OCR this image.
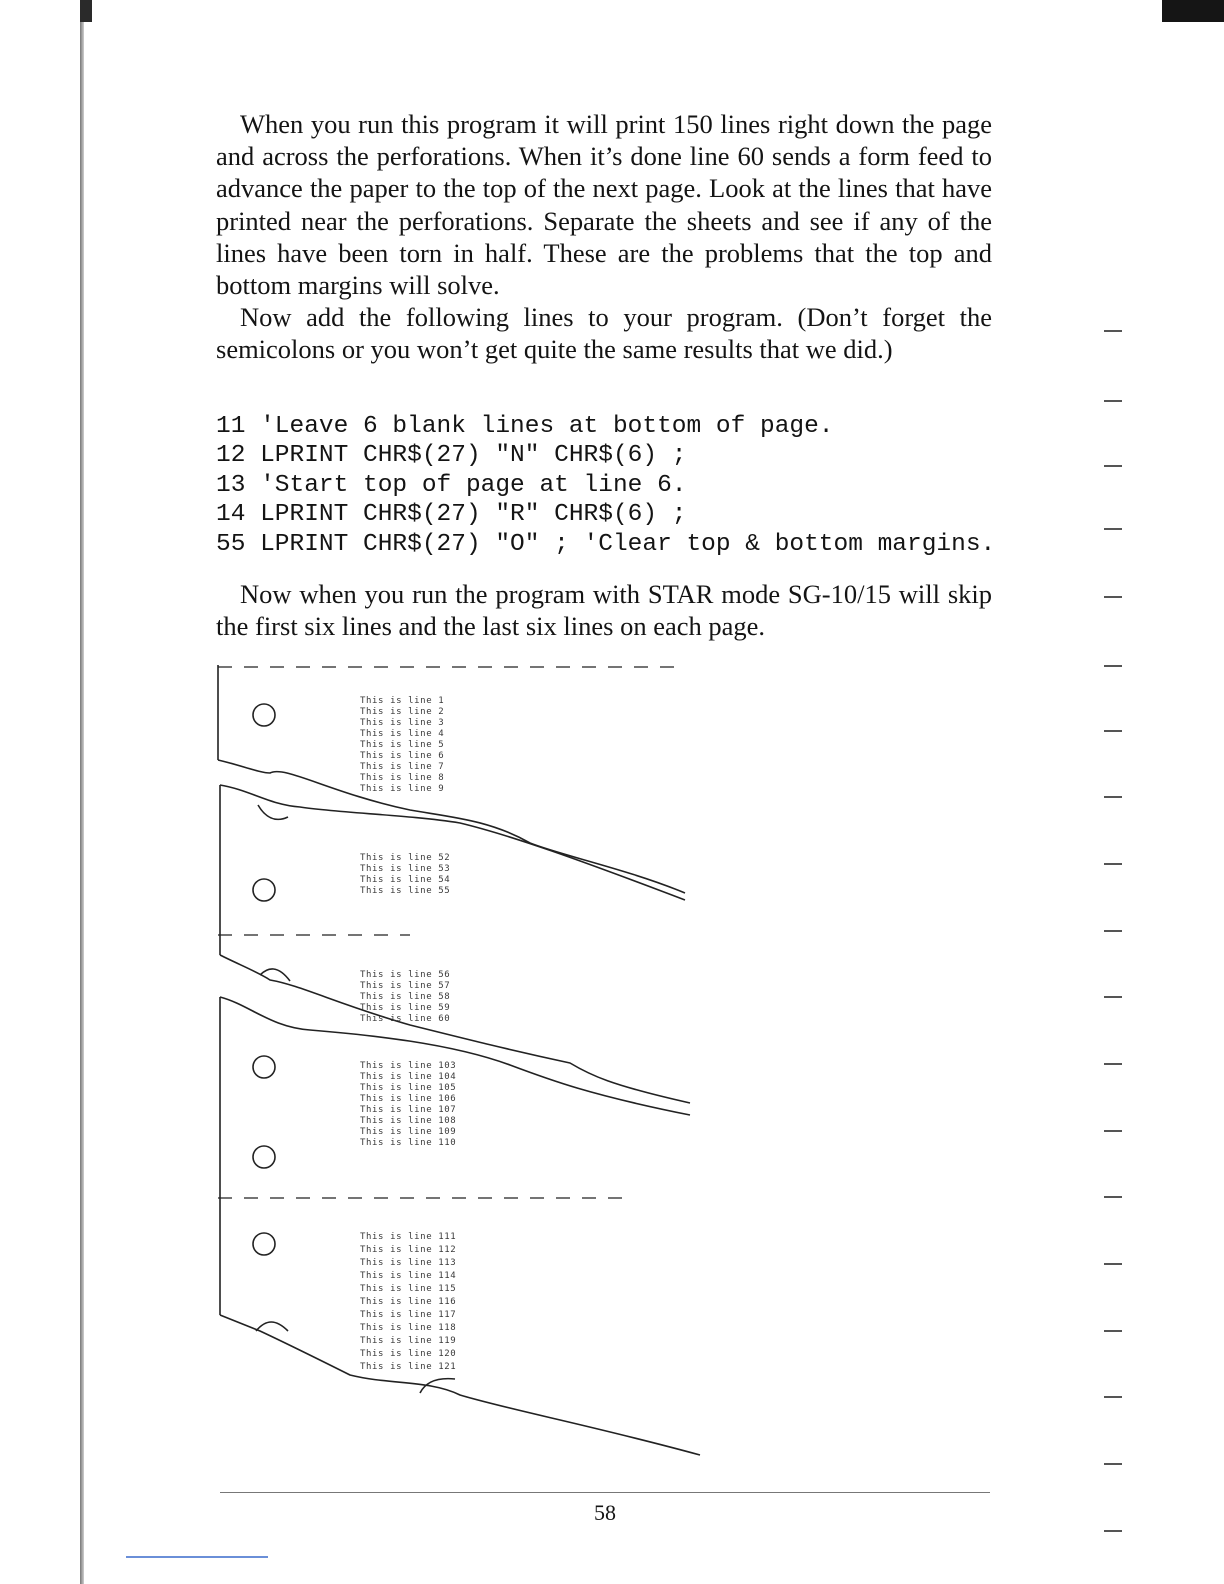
When you run this program it will print 150 lines right down the page and across the perforations. When it’s done line 60 sends a form feed to advance the paper to the top of the next page. Look at the lines that have printed near the perforations. Separate the sheets and see if any of the lines have been torn in half. These are the problems that the top and bottom margins will solve.

Now add the following lines to your program. (Don’t forget the semicolons or you won’t get quite the same results that we did.)

11 'Leave 6 blank lines at bottom of page.
12 LPRINT CHR$(27) "N" CHR$(6) ;
13 'Start top of page at line 6.
14 LPRINT CHR$(27) "R" CHR$(6) ;
55 LPRINT CHR$(27) "O" ; 'Clear top & bottom margins.

Now when you run the program with STAR mode SG-10/15 will skip the first six lines and the last six lines on each page.

This is line 1
This is line 2
This is line 3
This is line 4
This is line 5
This is line 6
This is line 7
This is line 8
This is line 9
This is line 52
This is line 53
This is line 54
This is line 55
This is line 56
This is line 57
This is line 58
This is line 59
This is line 60
This is line 103
This is line 104
This is line 105
This is line 106
This is line 107
This is line 108
This is line 109
This is line 110
This is line 111
This is line 112
This is line 113
This is line 114
This is line 115
This is line 116
This is line 117
This is line 118
This is line 119
This is line 120
This is line 121
58
